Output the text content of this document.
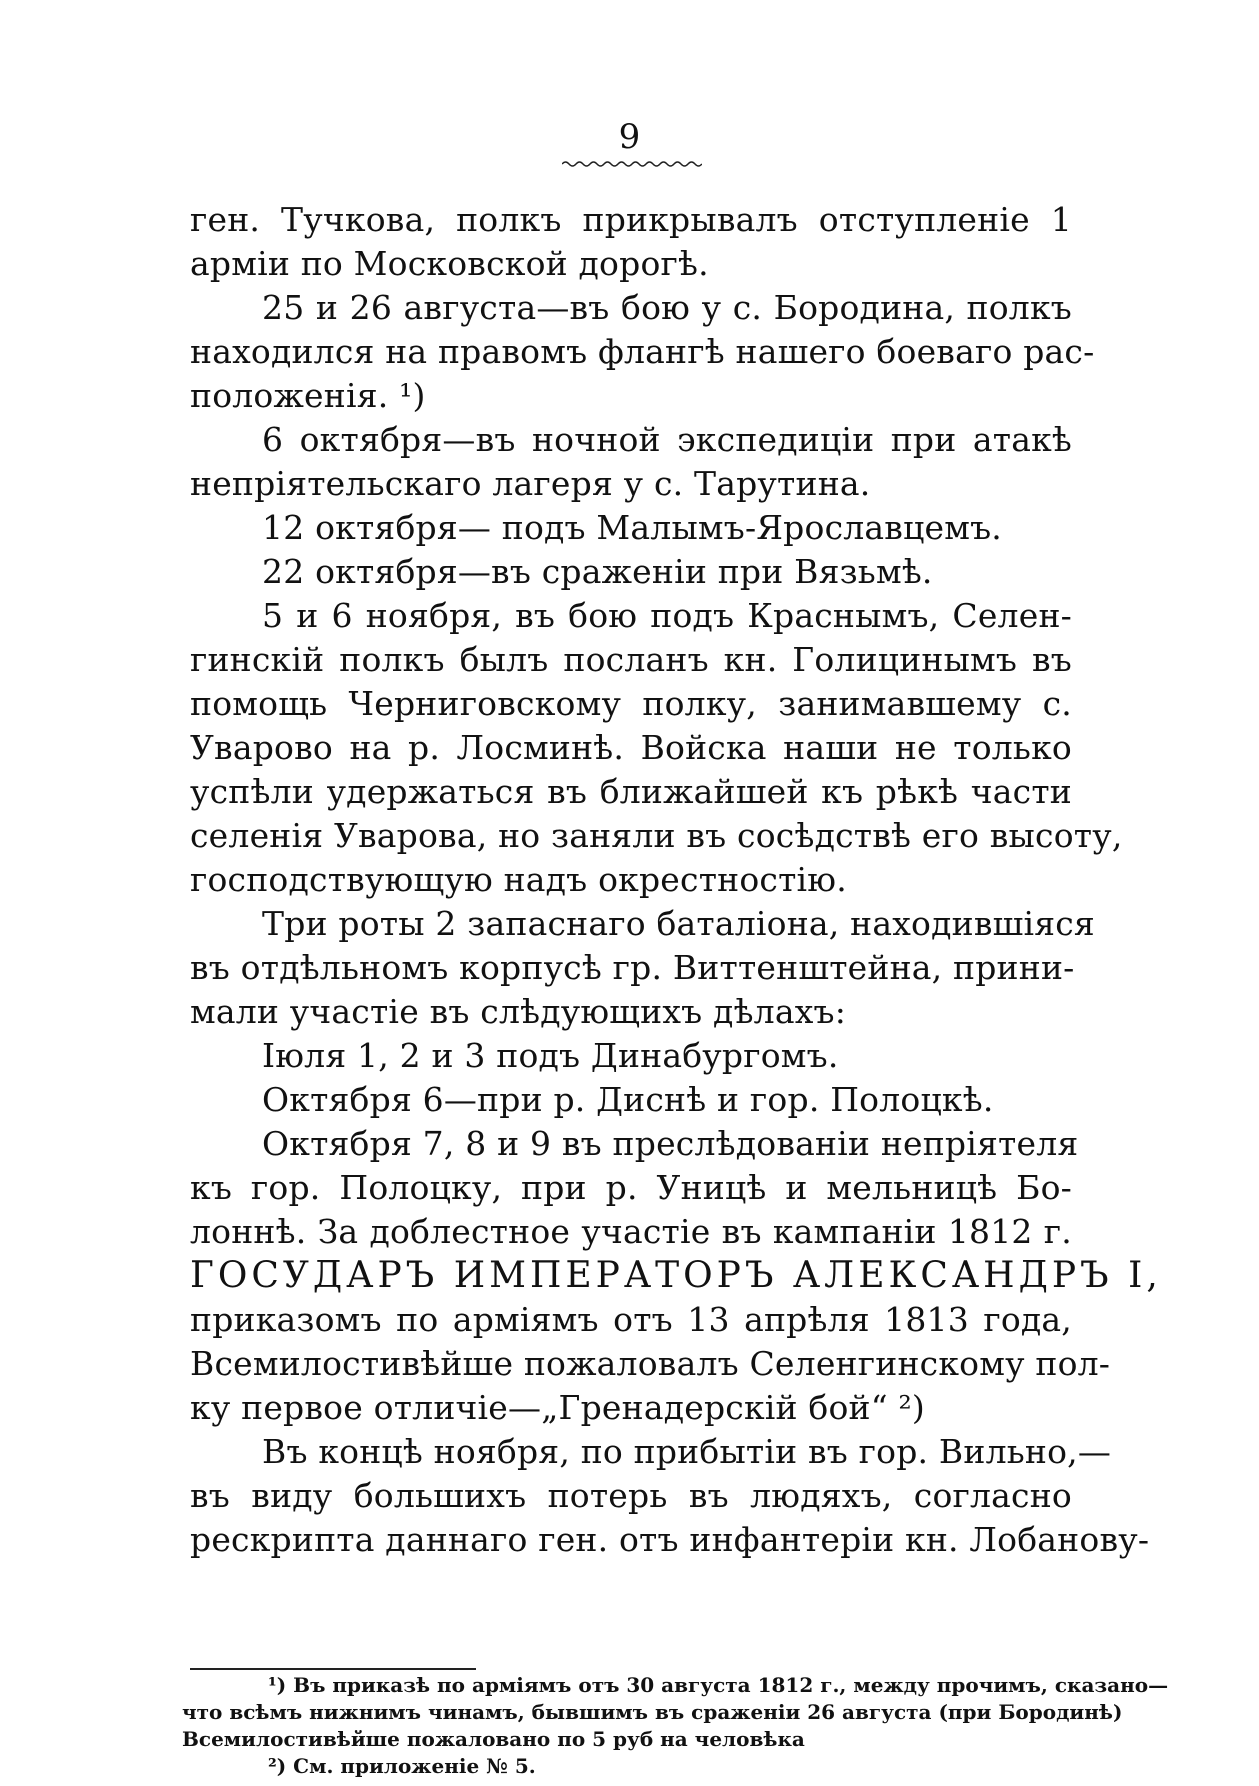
9
ген. Тучкова, полкъ прикрывалъ отступленіе 1
арміи по Московской дорогѣ.
25 и 26 августа—въ бою у с. Бородина, полкъ
находился на правомъ флангѣ нашего боеваго рас-
положенія. ¹)
6 октября—въ ночной экспедиціи при атакѣ
непріятельскаго лагеря у с. Тарутина.
12 октября— подъ Малымъ-Ярославцемъ.
22 октября—въ сраженіи при Вязьмѣ.
5 и 6 ноября, въ бою подъ Краснымъ, Селен-
гинскій полкъ былъ посланъ кн. Голицинымъ въ
помощь Черниговскому полку, занимавшему с.
Уварово на р. Лосминѣ. Войска наши не только
успѣли удержаться въ ближайшей къ рѣкѣ части
селенія Уварова, но заняли въ сосѣдствѣ его высоту,
господствующую надъ окрестностію.
Три роты 2 запаснаго баталіона, находившіяся
въ отдѣльномъ корпусѣ гр. Виттенштейна, прини-
мали участіе въ слѣдующихъ дѣлахъ:
Іюля 1, 2 и 3 подъ Динабургомъ.
Октября 6—при р. Диснѣ и гор. Полоцкѣ.
Октября 7, 8 и 9 въ преслѣдованіи непріятеля
къ гор. Полоцку, при р. Уницѣ и мельницѣ Бо-
лоннѣ. За доблестное участіе въ кампаніи 1812 г.
ГОСУДАРЪ ИМПЕРАТОРЪ АЛЕКСАНДРЪ I,
приказомъ по арміямъ отъ 13 апрѣля 1813 года,
Всемилостивѣйше пожаловалъ Селенгинскому пол-
ку первое отличіе—„Гренадерскій бой“ ²)
Въ концѣ ноября, по прибытіи въ гор. Вильно,—
въ виду большихъ потерь въ людяхъ, согласно
рескрипта даннаго ген. отъ инфантеріи кн. Лобанову-
¹) Въ приказѣ по арміямъ отъ 30 августа 1812 г., между прочимъ, сказано—
что всѣмъ нижнимъ чинамъ, бывшимъ въ сраженіи 26 августа (при Бородинѣ)
Всемилостивѣйше пожаловано по 5 руб на человѣка
²) См. приложеніе № 5.
